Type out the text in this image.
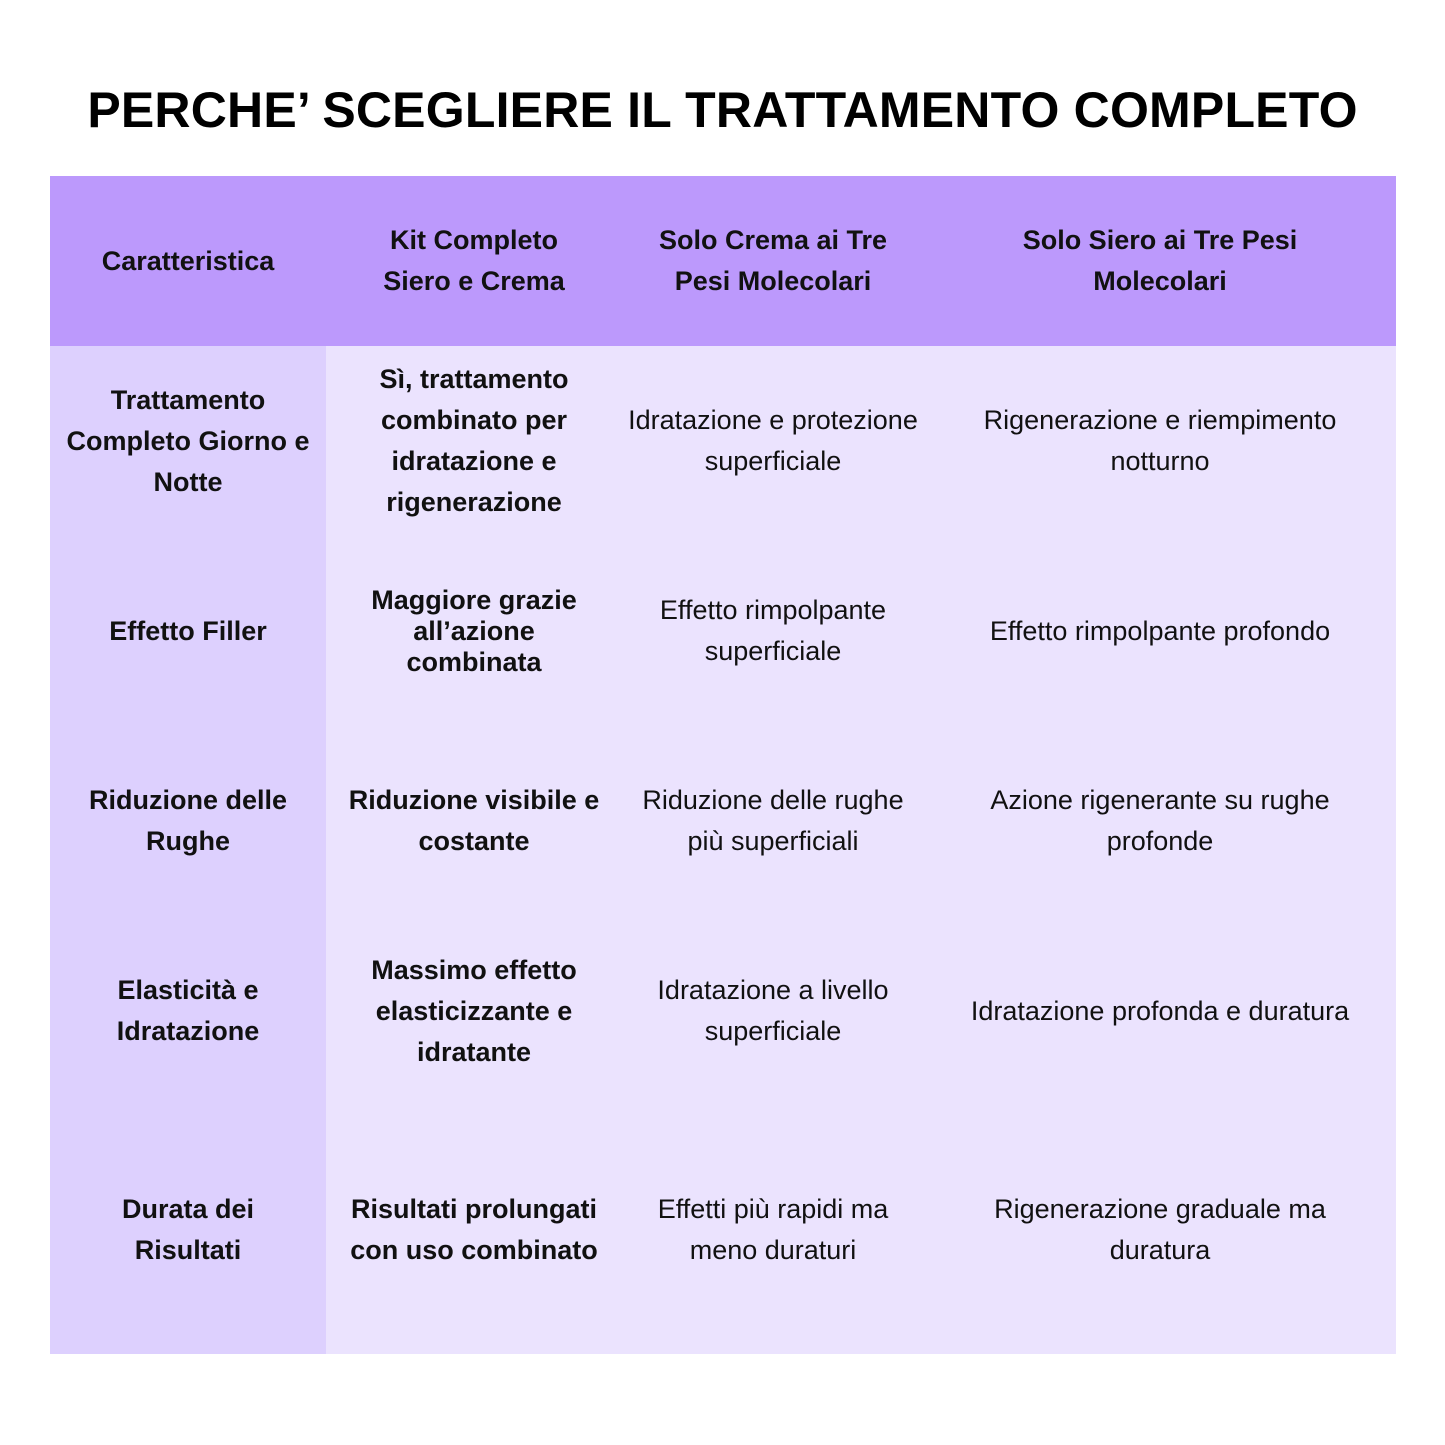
PERCHE’ SCEGLIERE IL TRATTAMENTO COMPLETO
Caratteristica
Kit Completo Siero e Crema
Solo Crema ai Tre Pesi Molecolari
Solo Siero ai Tre Pesi Molecolari
Trattamento Completo Giorno e Notte
Sì, trattamento combinato per idratazione e rigenerazione
Idratazione e protezione superficiale
Rigenerazione e riempimento notturno
Effetto Filler
Maggiore grazie all’azione combinata
Effetto rimpolpante superficiale
Effetto rimpolpante profondo
Riduzione delle Rughe
Riduzione visibile e costante
Riduzione delle rughe più superficiali
Azione rigenerante su rughe profonde
Elasticità e Idratazione
Massimo effetto elasticizzante e idratante
Idratazione a livello superficiale
Idratazione profonda e duratura
Durata dei Risultati
Risultati prolungati con uso combinato
Effetti più rapidi ma meno duraturi
Rigenerazione graduale ma duratura
